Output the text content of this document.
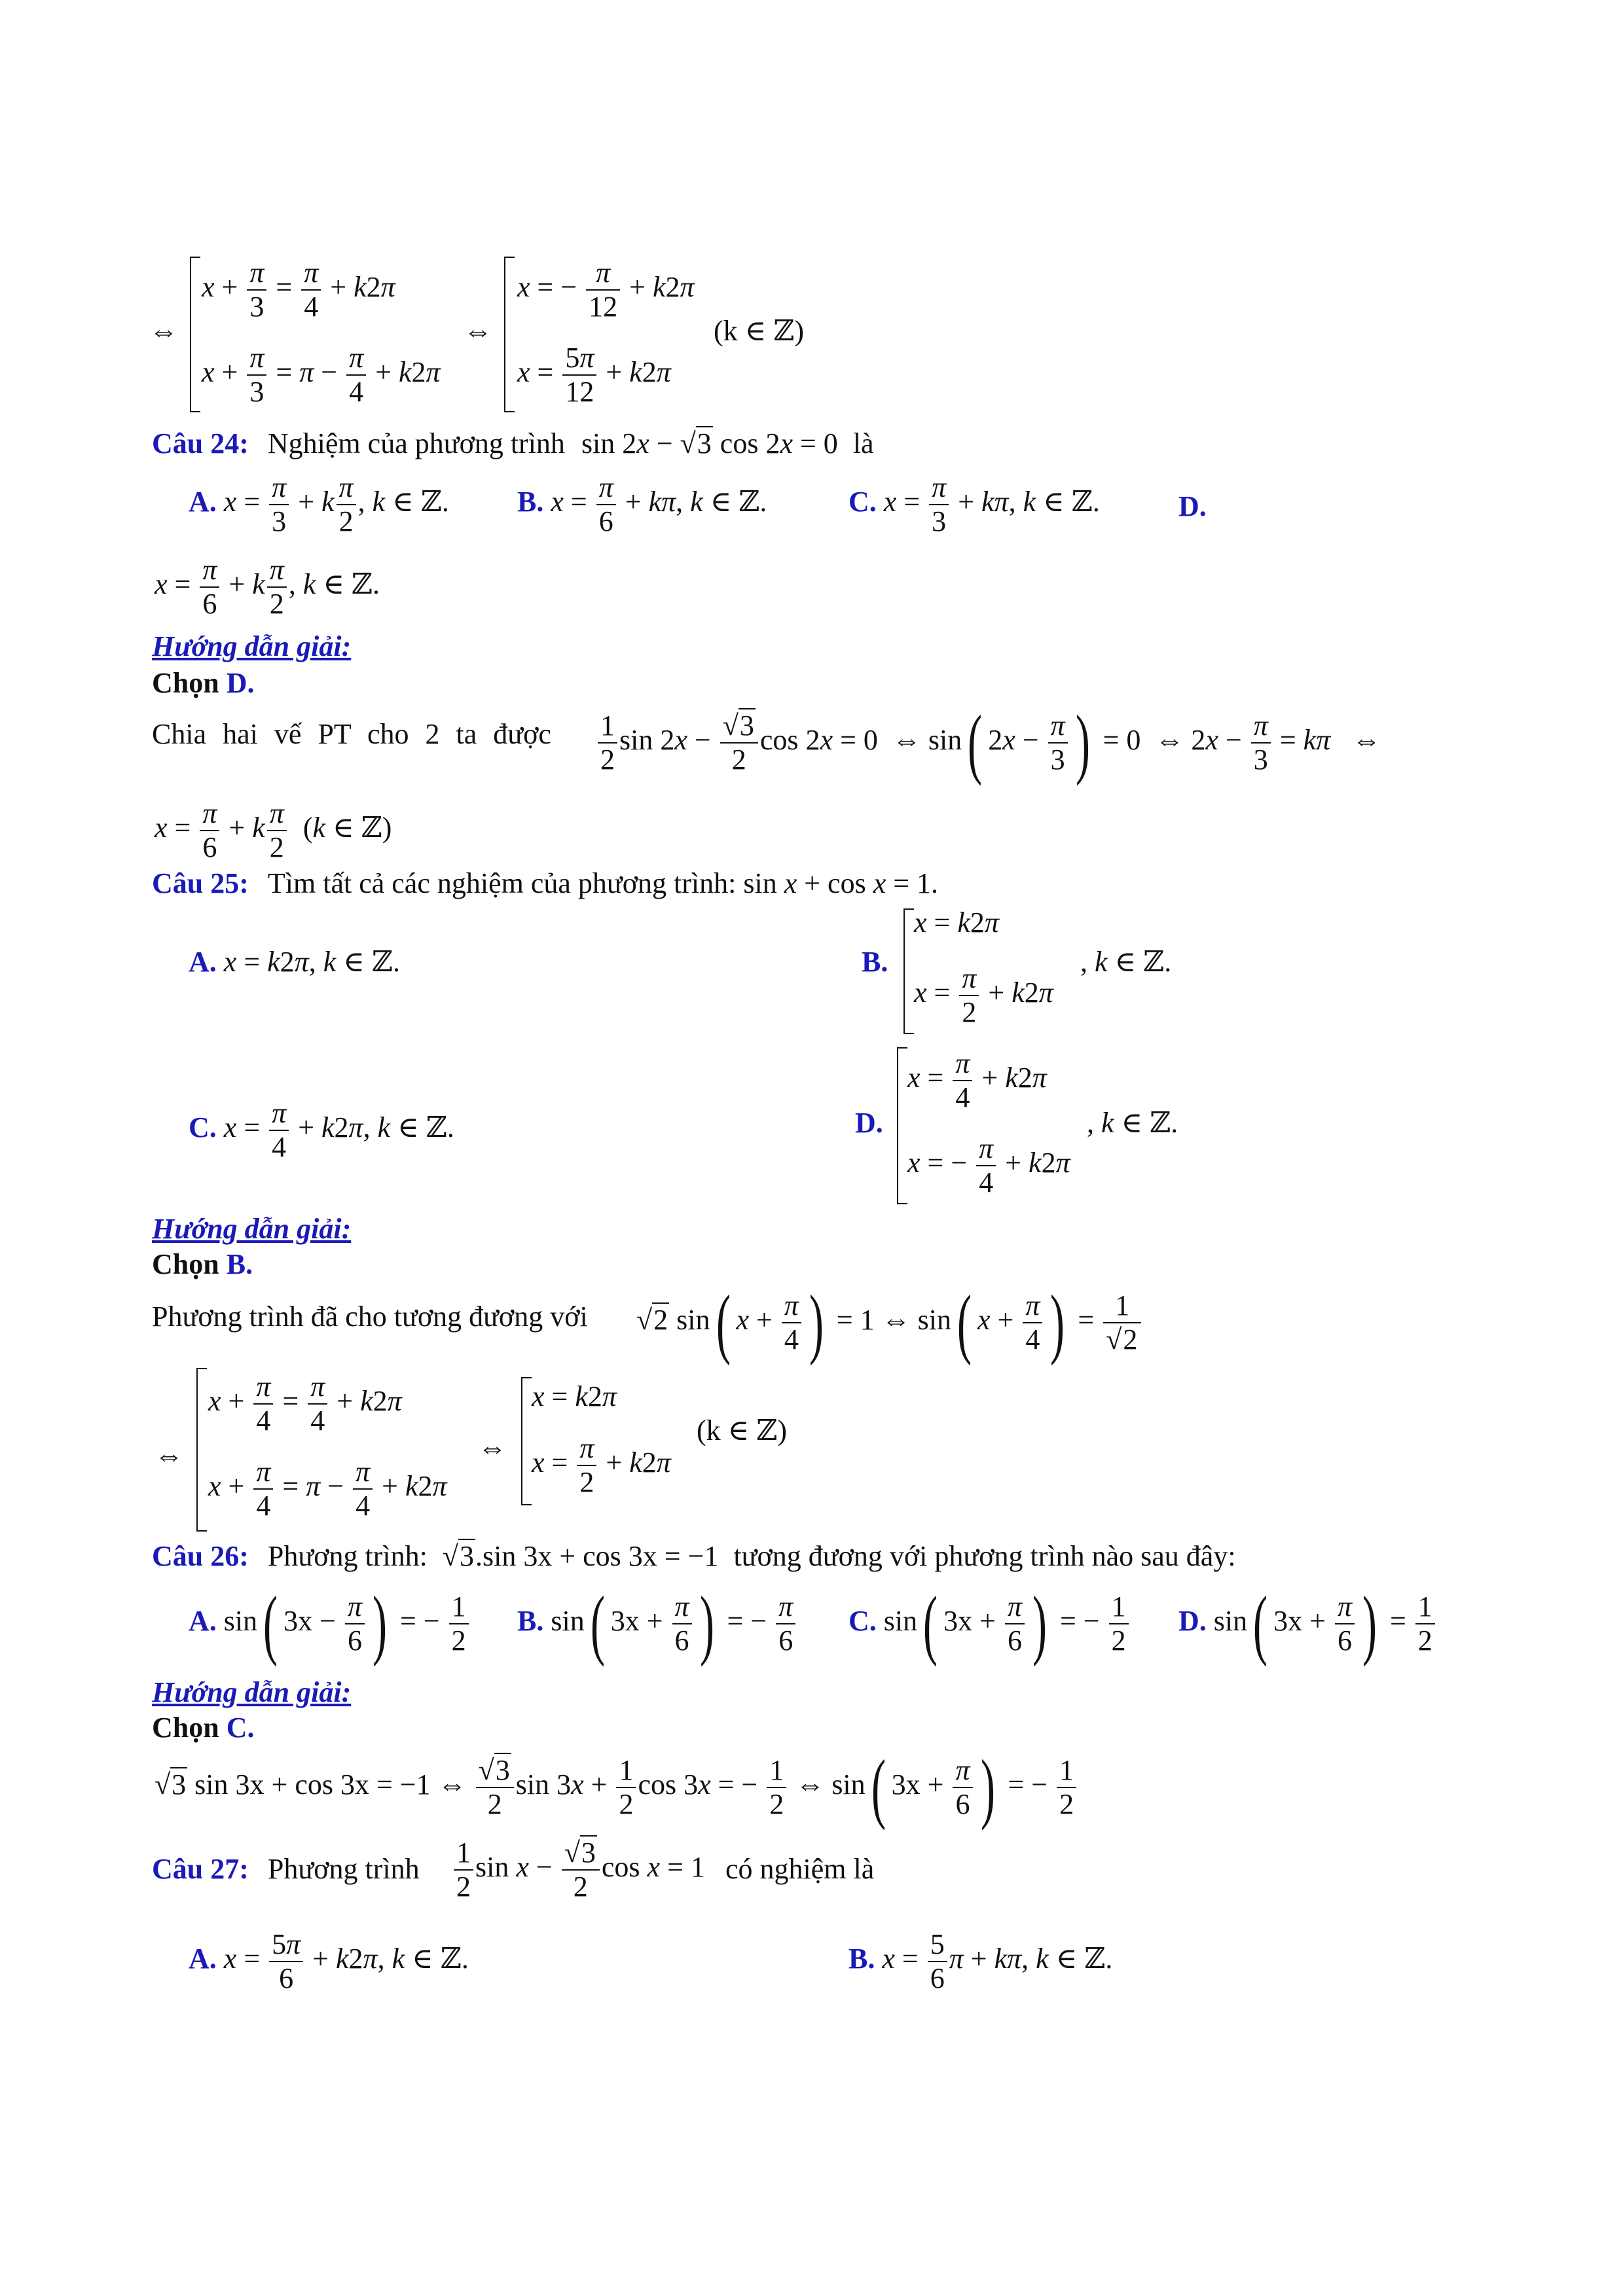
⇔
$x + \frac{\pi}{3} = \frac{\pi}{4} + k2\pi$
$x + \frac{\pi}{3} = \pi - \frac{\pi}{4} + k2\pi$
⇔
x = − $\frac{\pi}{12} + k2\pi$
$x = \frac{5\pi}{12} + k2\pi$
(k ∈ ℤ)
Câu 24: Nghiệm của phương trình sin 2x − √3 cos 2x = 0 là
A. $x = \frac{\pi}{3} + k \frac{\pi}{2}$ , k ∈ ℤ. B. $x = \frac{\pi}{6} + k\pi$, k ∈ ℤ.	C. $x = \frac{\pi}{3} + k\pi$, k ∈ ℤ.	D.
$x = \frac{\pi}{6} + k \frac{\pi}{2}$ , k ∈ ℤ.
Hướng dẫn giải:
Chọn D.
Chia hai vế PT cho 2 ta được $\frac{1}{2}$ $\sin 2x - \frac{√3}{2}$ cos 2x = 0  ⇔ sin( $2x - \frac{\pi}{3}$ ) = 0  ⇔ $2x - \frac{\pi}{3} = k\pi$   ⇔
$x = \frac{\pi}{6} + k \frac{\pi}{2} (k$ ∈ ℤ)
Câu 25: Tìm tất cả các nghiệm của phương trình: sin x + cos x = 1.
A. x = k2π, k ∈ ℤ.	B.
x = k2π
$x = \frac{\pi}{2} + k2\pi$
, k ∈ ℤ.
C. $x = \frac{\pi}{4} + k2\pi$, k ∈ ℤ.	D.
$x = \frac{\pi}{4} + k2\pi$
x = − $\frac{\pi}{4} + k2\pi$
, k ∈ ℤ.
Hướng dẫn giải:
Chọn B.
Phương trình đã cho tương đương với √2 sin( $x + \frac{\pi}{4}$ ) = 1 ⇔ sin( $x + \frac{\pi}{4}$ ) = $\frac{1}{√2}$
⇔
$x + \frac{\pi}{4} = \frac{\pi}{4} + k2\pi$
$x + \frac{\pi}{4} = \pi - \frac{\pi}{4} + k2\pi$
⇔
x = k2π
$x = \frac{\pi}{2} + k2\pi$
(k ∈ ℤ)
Câu 26: Phương trình: √3.sin 3x + cos 3x = −1 tương đương với phương trình nào sau đây:
A. sin( $3x - \frac{\pi}{6}$ ) = − $\frac{1}{2} B$. sin( $3x + \frac{\pi}{6}$ ) = − $\frac{\pi}{6} C$. sin( $3x + \frac{\pi}{6}$ ) = − $\frac{1}{2} D$. sin( $3x + \frac{\pi}{6}$ ) = $\frac{1}{2}$
Hướng dẫn giải:
Chọn C.
√3 sin 3x + cos 3x = −1 ⇔ $\frac{√3}{2}$ $\sin 3x + \frac{1}{2}$ cos 3x = − $\frac{1}{2}$ ⇔ sin( $3x + \frac{\pi}{6}$ ) = − $\frac{1}{2}$
Câu 27: Phương trình $\frac{1}{2}$ $\sin x - \frac{√3}{2}$ cos x = 1 có nghiệm là
A. $x = \frac{5\pi}{6} + k2\pi$, k ∈ ℤ.	B. $x = \frac{5}{6}$ π + kπ, k ∈ ℤ.
